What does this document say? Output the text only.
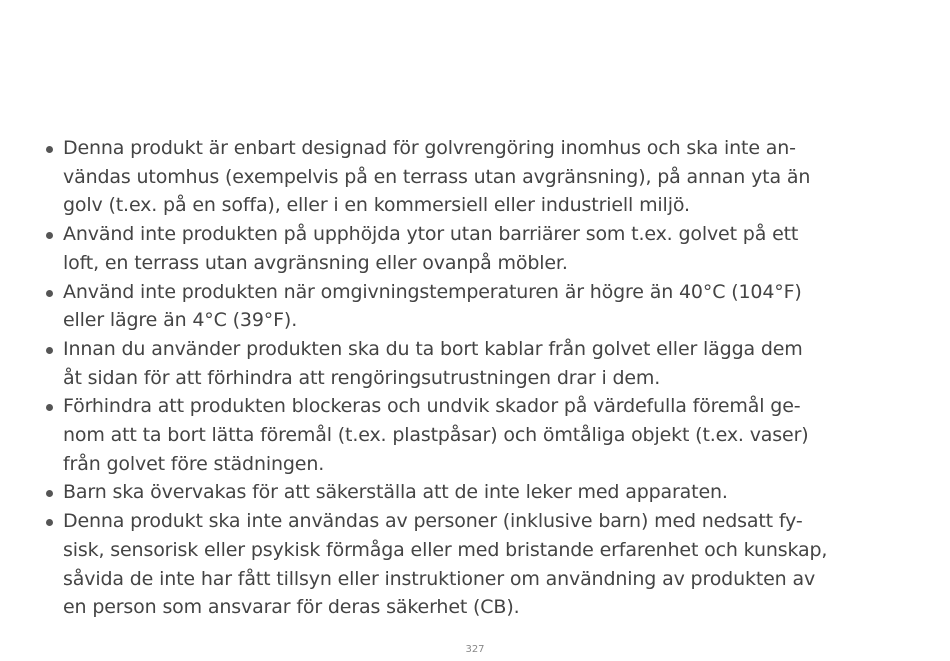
Denna produkt är enbart designad för golvrengöring inomhus och ska inte an-
vändas utomhus (exempelvis på en terrass utan avgränsning), på annan yta än
golv (t.ex. på en soffa), eller i en kommersiell eller industriell miljö.
Använd inte produkten på upphöjda ytor utan barriärer som t.ex. golvet på ett
loft, en terrass utan avgränsning eller ovanpå möbler.
Använd inte produkten när omgivningstemperaturen är högre än 40°C (104°F)
eller lägre än 4°C (39°F).
Innan du använder produkten ska du ta bort kablar från golvet eller lägga dem
åt sidan för att förhindra att rengöringsutrustningen drar i dem.
Förhindra att produkten blockeras och undvik skador på värdefulla föremål ge-
nom att ta bort lätta föremål (t.ex. plastpåsar) och ömtåliga objekt (t.ex. vaser)
från golvet före städningen.
Barn ska övervakas för att säkerställa att de inte leker med apparaten.
Denna produkt ska inte användas av personer (inklusive barn) med nedsatt fy-
sisk, sensorisk eller psykisk förmåga eller med bristande erfarenhet och kunskap,
såvida de inte har fått tillsyn eller instruktioner om användning av produkten av
en person som ansvarar för deras säkerhet (CB).
327
